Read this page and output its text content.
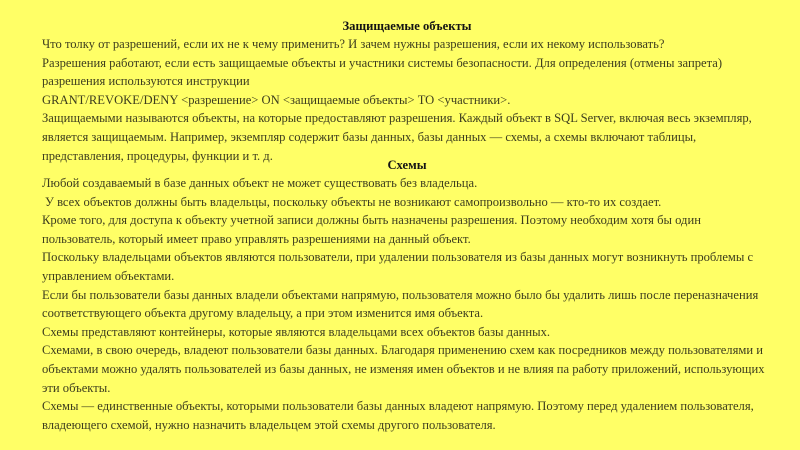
Защищаемые объекты

Что толку от разрешений, если их не к чему применить? И зачем нужны разрешения, если их некому использовать?

Разрешения работают, если есть защищаемые объекты и участники системы безопасности. Для определения (отмены запрета) разрешения используются инструкции

GRANT/REVOKE/DENY <разрешение> ON <защищаемые объекты> TO <участники>.

Защищаемыми называются объекты, на которые предоставляют разрешения. Каждый объект в SQL Server, включая весь экземпляр, является защищаемым. Например, экземпляр содержит базы данных, базы данных — схемы, а схемы включают таблицы, представления, процедуры, функции и т. д.

Схемы

Любой создаваемый в базе данных объект не может существовать без владельца.

У всех объектов должны быть владельцы, поскольку объекты не возникают самопроизвольно — кто-то их создает.

Кроме того, для доступа к объекту учетной записи должны быть назначены разрешения. Поэтому необходим хотя бы один пользователь, который имеет право управлять разрешениями на данный объект.

Поскольку владельцами объектов являются пользователи, при удалении пользователя из базы данных могут возникнуть проблемы с управлением объектами.

Если бы пользователи базы данных владели объектами напрямую, пользователя можно было бы удалить лишь после переназначения соответствующего объекта другому владельцу, а при этом изменится имя объекта.

Схемы представляют контейнеры, которые являются владельцами всех объектов базы данных.

Схемами, в свою очередь, владеют пользователи базы данных. Благодаря применению схем как посредников между пользователями и объектами можно удалять пользователей из базы данных, не изменяя имен объектов и не влияя па работу приложений, использующих эти объекты.

Схемы — единственные объекты, которыми пользователи базы данных владеют напрямую. Поэтому перед удалением пользователя, владеющего схемой, нужно назначить владельцем этой схемы другого пользователя.
